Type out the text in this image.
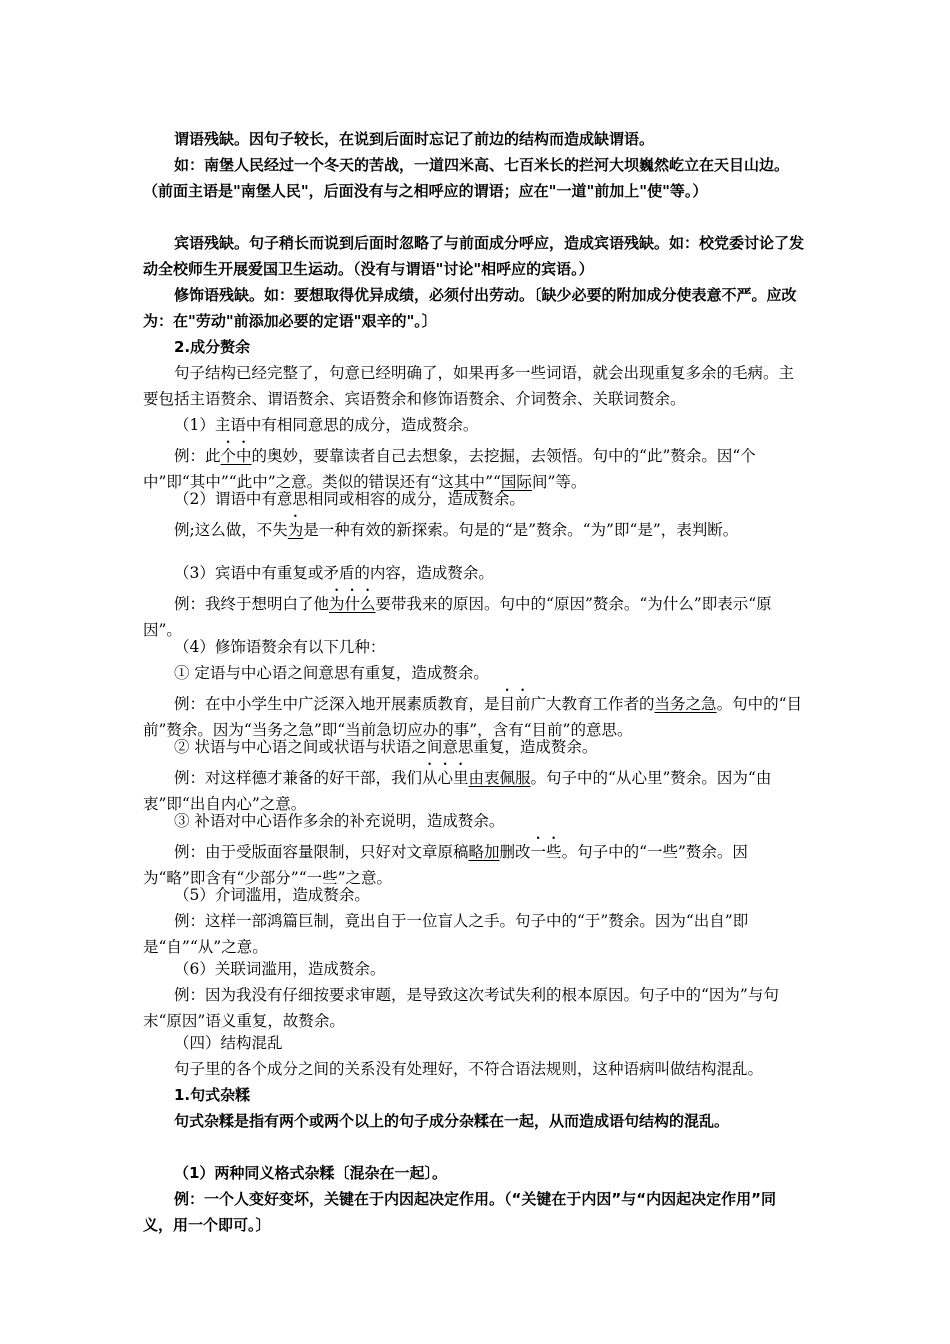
谓语残缺。因句子较长，在说到后面时忘记了前边的结构而造成缺谓语。

如：南堡人民经过一个冬天的苦战，一道四米高、七百米长的拦河大坝巍然屹立在天目山边。（前面主语是"南堡人民"，后面没有与之相呼应的谓语；应在"一道"前加上"使"等。）

宾语残缺。句子稍长而说到后面时忽略了与前面成分呼应，造成宾语残缺。如：校党委讨论了发动全校师生开展爱国卫生运动。（没有与谓语"讨论"相呼应的宾语。）

修饰语残缺。如：要想取得优异成绩，必须付出劳动。〔缺少必要的附加成分使表意不严。应改为：在"劳动"前添加必要的定语"艰辛的"。〕

2.成分赘余

句子结构已经完整了，句意已经明确了，如果再多一些词语，就会出现重复多余的毛病。主要包括主语赘余、谓语赘余、宾语赘余和修饰语赘余、介词赘余、关联词赘余。

（1）主语中有相同意思的成分，造成赘余。

例：此个中的奥妙，要靠读者自己去想象，去挖掘，去领悟。句中的“此”赘余。因“个中”即“其中”“此中”之意。类似的错误还有“这其中”“国际间”等。

（2）谓语中有意思相同或相容的成分，造成赘余。

例;这么做，不失为是一种有效的新探索。句是的“是”赘余。“为”即“是”，表判断。

（3）宾语中有重复或矛盾的内容，造成赘余。

例：我终于想明白了他为什么要带我来的原因。句中的“原因”赘余。“为什么”即表示“原因”。

（4）修饰语赘余有以下几种：

① 定语与中心语之间意思有重复，造成赘余。

例：在中小学生中广泛深入地开展素质教育，是目前广大教育工作者的当务之急。句中的“目前”赘余。因为“当务之急”即“当前急切应办的事”，含有“目前”的意思。

② 状语与中心语之间或状语与状语之间意思重复，造成赘余。

例：对这样德才兼备的好干部，我们从心里由衷佩服。句子中的“从心里”赘余。因为“由衷”即“出自内心”之意。

③ 补语对中心语作多余的补充说明，造成赘余。

例：由于受版面容量限制，只好对文章原稿略加删改一些。句子中的“一些”赘余。因为“略”即含有“少部分”“一些”之意。

（5）介词滥用，造成赘余。

例：这样一部鸿篇巨制，竟出自于一位盲人之手。句子中的“于”赘余。因为“出自”即是“自”“从”之意。

（6）关联词滥用，造成赘余。

例：因为我没有仔细按要求审题，是导致这次考试失利的根本原因。句子中的“因为”与句末“原因”语义重复，故赘余。

（四）结构混乱

句子里的各个成分之间的关系没有处理好，不符合语法规则，这种语病叫做结构混乱。

1.句式杂糅

句式杂糅是指有两个或两个以上的句子成分杂糅在一起，从而造成语句结构的混乱。

（1）两种同义格式杂糅〔混杂在一起〕。

例：一个人变好变坏，关键在于内因起决定作用。（“关键在于内因”与“内因起决定作用”同义，用一个即可。〕
